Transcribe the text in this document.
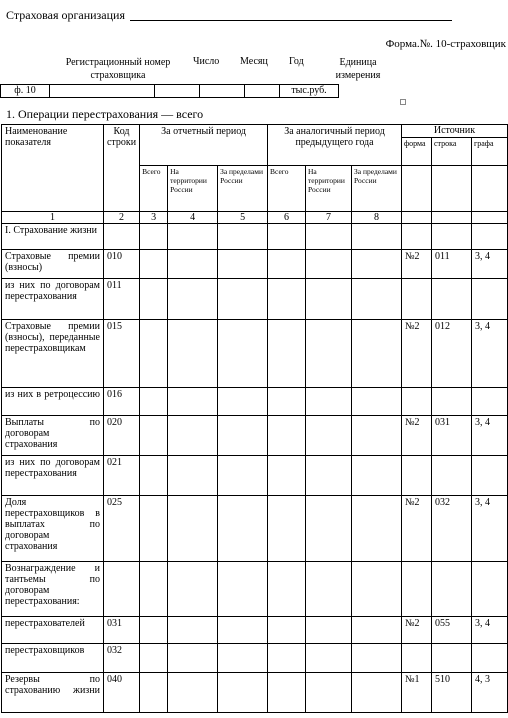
Страховая организация
Форма.№. 10-страховщик
Регистрационный номер страховщика
Число Месяц Год	Единица измерения
ф. 10					тыс.руб.
1. Операции перестрахования — всего
Наименование показателя	Код строки	За отчетный период			За аналогичный период предыдущего года			Источник
форма строка графа		

		Всего	На территории России	За пределами России	Всего	На территории России	За пределами России			
1	2	3	4	5	6	7	8			
I. Страхование жизни										
Страховые премии (взносы)	010							№2	011	3, 4
из них по договорам перестрахования	011									
Страховые премии (взносы), переданные перестраховщикам	015							№2	012	3, 4
из них в ретроцессию	016									
Выплаты по договорам страхования	020							№2	031	3, 4
из них по договорам перестрахования	021									
Доля перестраховщиков в выплатах по договорам страхования	025							№2	032	3, 4
Вознаграждение и тантьемы по договорам перестрахования:										
перестрахователей	031							№2	055	3, 4
перестраховщиков	032									
Резервы по страхованию жизни	040							№1	510	4, 3
